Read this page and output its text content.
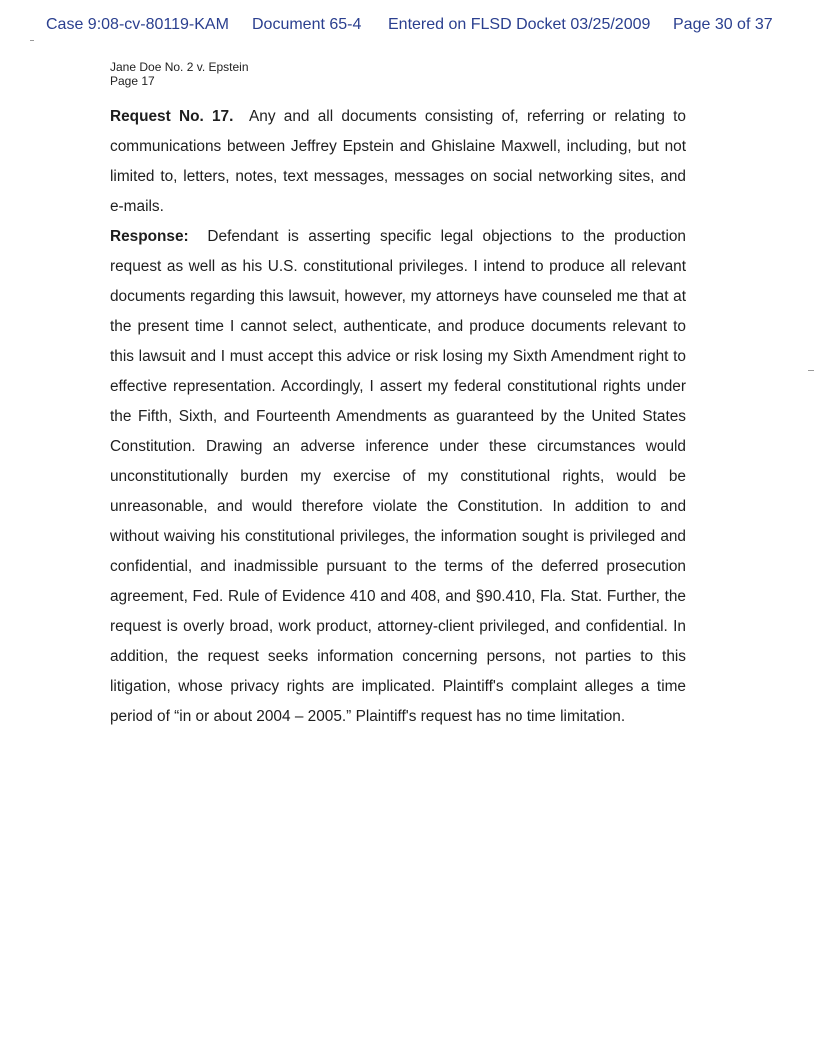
Case 9:08-cv-80119-KAM Document 65-4 Entered on FLSD Docket 03/25/2009 Page 30 of 37
Jane Doe No. 2 v. Epstein
Page 17

Request No. 17. Any and all documents consisting of, referring or relating to communications between Jeffrey Epstein and Ghislaine Maxwell, including, but not limited to, letters, notes, text messages, messages on social networking sites, and e-mails.

Response: Defendant is asserting specific legal objections to the production request as well as his U.S. constitutional privileges. I intend to produce all relevant documents regarding this lawsuit, however, my attorneys have counseled me that at the present time I cannot select, authenticate, and produce documents relevant to this lawsuit and I must accept this advice or risk losing my Sixth Amendment right to effective representation. Accordingly, I assert my federal constitutional rights under the Fifth, Sixth, and Fourteenth Amendments as guaranteed by the United States Constitution. Drawing an adverse inference under these circumstances would unconstitutionally burden my exercise of my constitutional rights, would be unreasonable, and would therefore violate the Constitution. In addition to and without waiving his constitutional privileges, the information sought is privileged and confidential, and inadmissible pursuant to the terms of the deferred prosecution agreement, Fed. Rule of Evidence 410 and 408, and §90.410, Fla. Stat. Further, the request is overly broad, work product, attorney-client privileged, and confidential. In addition, the request seeks information concerning persons, not parties to this litigation, whose privacy rights are implicated. Plaintiff's complaint alleges a time period of “in or about 2004 – 2005.” Plaintiff's request has no time limitation.
